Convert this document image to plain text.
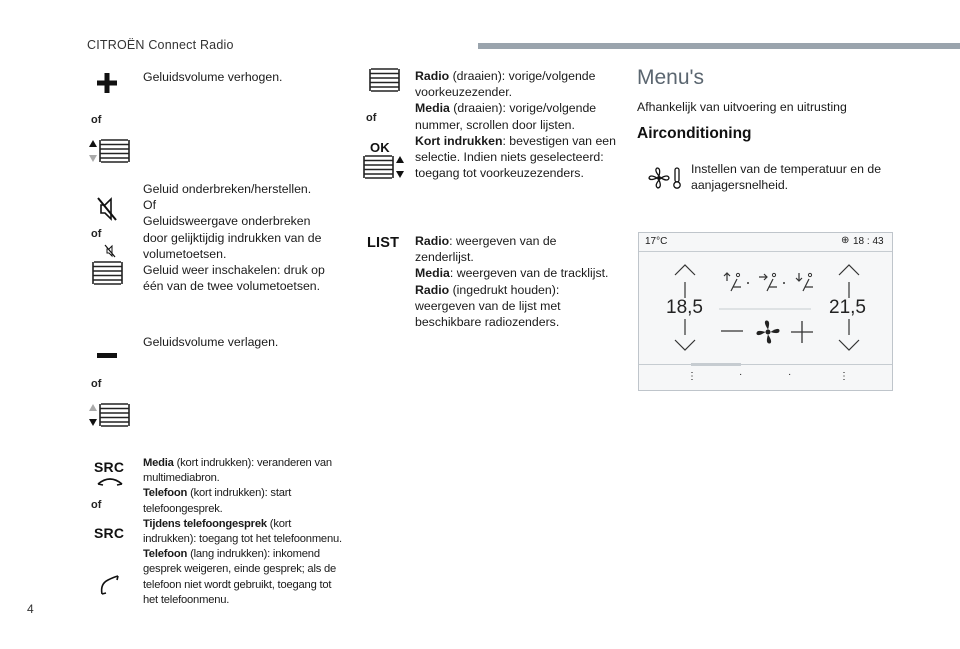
CITROËN Connect Radio
of
Geluidsvolume verhogen.
of
Geluid onderbreken/herstellen.
Of
Geluidsweergave onderbreken
door gelijktijdig indrukken van de
volumetoetsen.
Geluid weer inschakelen: druk op
één van de twee volumetoetsen.
Geluidsvolume verlagen.
of
SRC
of
SRC
Media (kort indrukken): veranderen van
multimediabron.
Telefoon (kort indrukken): start
telefoongesprek.
Tijdens telefoongesprek (kort
indrukken): toegang tot het telefoonmenu.
Telefoon (lang indrukken): inkomend
gesprek weigeren, einde gesprek; als de
telefoon niet wordt gebruikt, toegang tot
het telefoonmenu.
of
OK
Radio (draaien): vorige/volgende
voorkeuzezender.
Media (draaien): vorige/volgende
nummer, scrollen door lijsten.
Kort indrukken: bevestigen van een
selectie. Indien niets geselecteerd:
toegang tot voorkeuzezenders.
LIST Radio: weergeven van de
zenderlijst.
Media: weergeven van de tracklijst.
Radio (ingedrukt houden):
weergeven van de lijst met
beschikbare radiozenders.
Menu's
Afhankelijk van uitvoering en uitrusting
Airconditioning
Instellen van de temperatuur en de
aanjagersnelheid.
17°C	⊕ 18 : 43
18,5	21,5
⋮	·	·	⋮
4
